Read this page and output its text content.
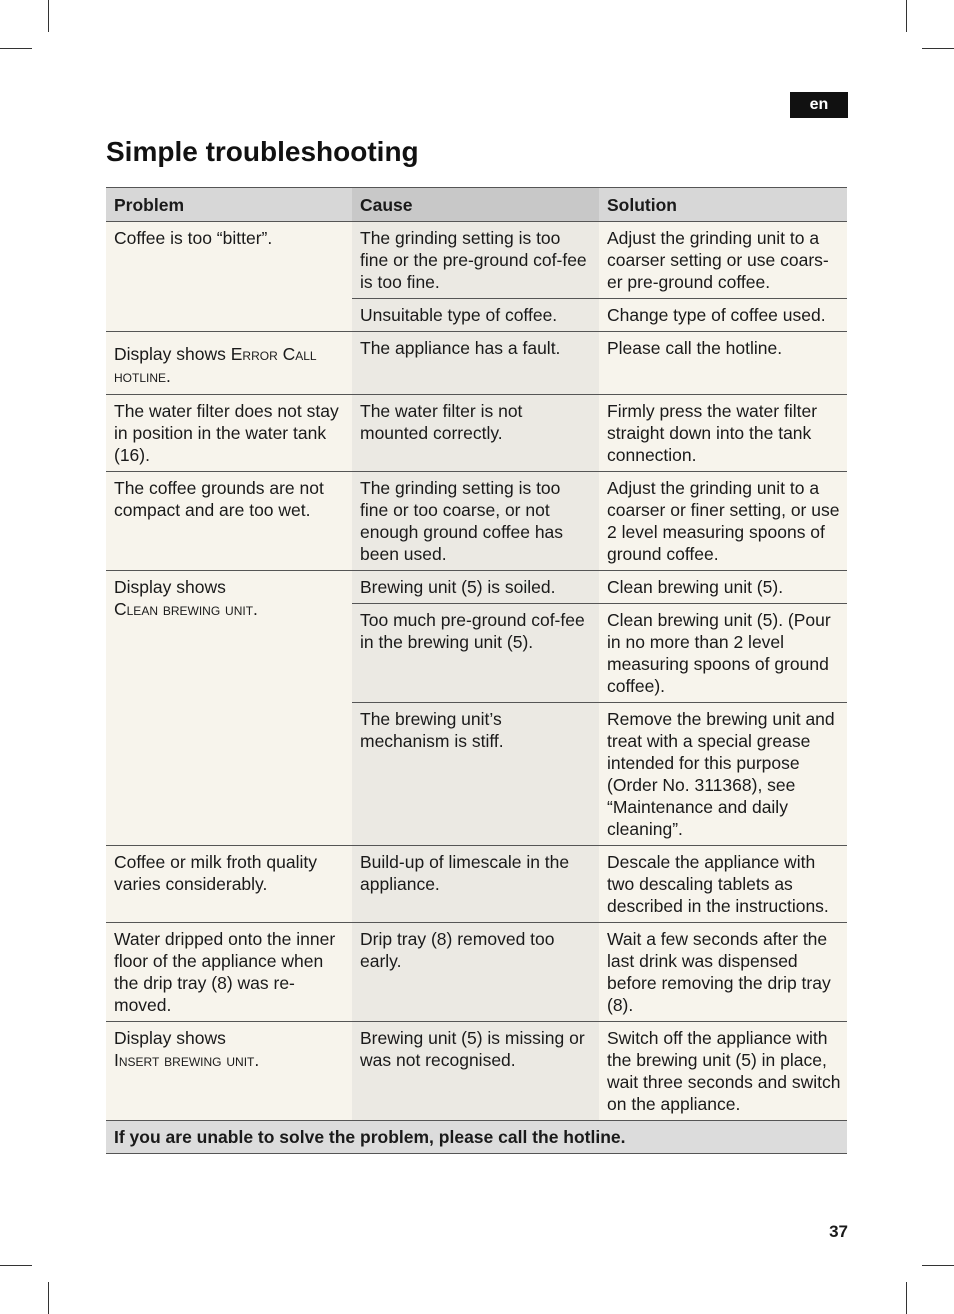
en
Simple troubleshooting
Problem	Cause	Solution
Coffee is too “bitter”.	The grinding setting is too fine or the pre-ground cof-fee is too fine.	Adjust the grinding unit to a coarser setting or use coars-er pre-ground coffee.
	Unsuitable type of coffee.	Change type of coffee used.
Display shows Error Call hotline.	The appliance has a fault.	Please call the hotline.
The water filter does not stay in position in the water tank (16).	The water filter is not mounted correctly.	Firmly press the water filter straight down into the tank connection.
The coffee grounds are not compact and are too wet.	The grinding setting is too fine or too coarse, or not enough ground coffee has been used.	Adjust the grinding unit to a coarser or finer setting, or use 2 level measuring spoons of ground coffee.
Display shows
Clean brewing unit.	Brewing unit (5) is soiled.	Clean brewing unit (5).
	Too much pre-ground cof-fee in the brewing unit (5).	Clean brewing unit (5). (Pour in no more than 2 level measuring spoons of ground coffee).
	The brewing unit’s mechanism is stiff.	Remove the brewing unit and treat with a special grease intended for this purpose (Order No. 311368), see “Maintenance and daily cleaning”.
Coffee or milk froth quality varies considerably.	Build-up of limescale in the appliance.	Descale the appliance with two descaling tablets as described in the instructions.
Water dripped onto the inner floor of the appliance when the drip tray (8) was re-moved.	Drip tray (8) removed too early.	Wait a few seconds after the last drink was dispensed before removing the drip tray (8).
Display shows
Insert brewing unit.	Brewing unit (5) is missing or was not recognised.	Switch off the appliance with the brewing unit (5) in place, wait three seconds and switch on the appliance.
If you are unable to solve the problem, please call the hotline.		
37
